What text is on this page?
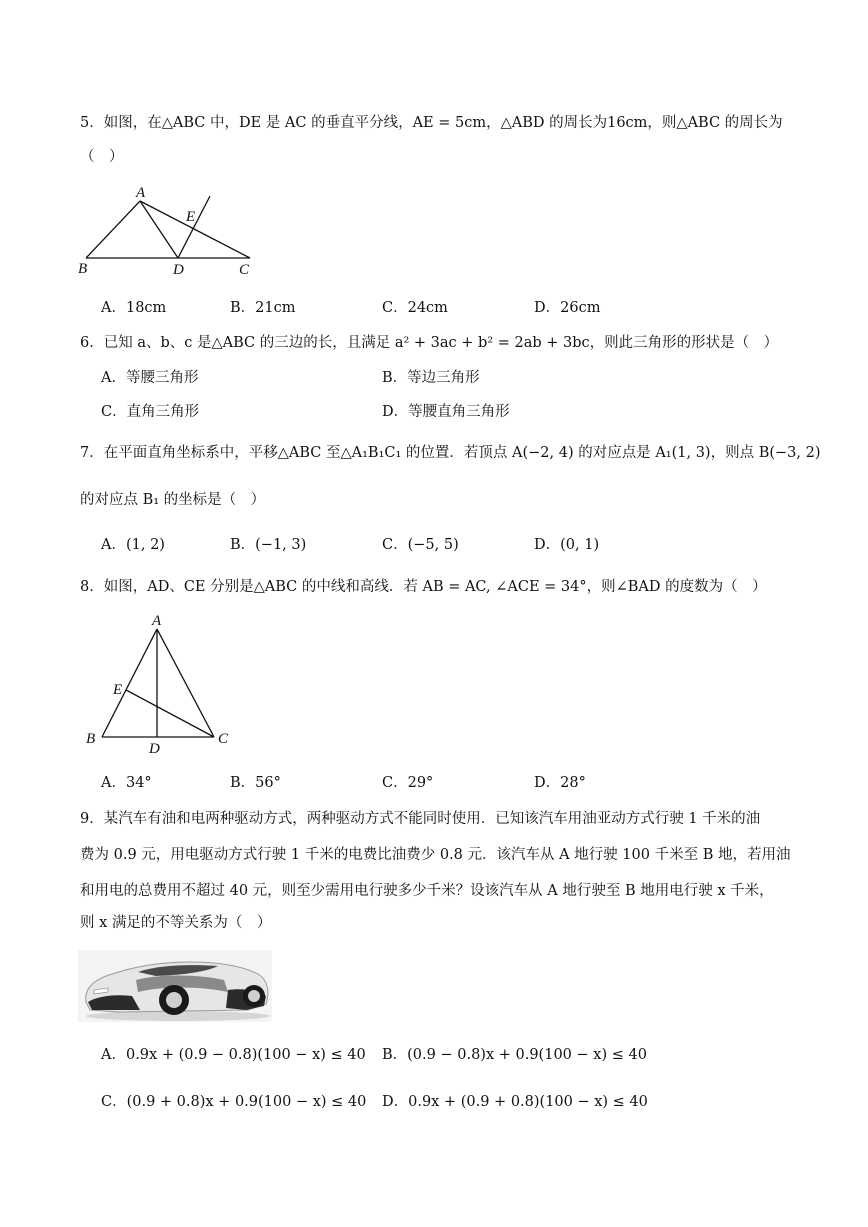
5．如图，在△ABC 中，DE 是 AC 的垂直平分线，AE = 5cm，△ABD 的周长为16cm，则△ABC 的周长为
（　）
A
E
B	D	C
A．18cm	B．21cm	C．24cm	D．26cm
6．已知 a、b、c 是△ABC 的三边的长，且满足 a² + 3ac + b² = 2ab + 3bc，则此三角形的形状是（　）
A．等腰三角形	B．等边三角形
C．直角三角形	D．等腰直角三角形
7．在平面直角坐标系中，平移△ABC 至△A₁B₁C₁ 的位置．若顶点 A(−2, 4) 的对应点是 A₁(1, 3)，则点 B(−3, 2)
的对应点 B₁ 的坐标是（　）
A．(1, 2)	B．(−1, 3)	C．(−5, 5)	D．(0, 1)
8．如图，AD、CE 分别是△ABC 的中线和高线．若 AB = AC, ∠ACE = 34°，则∠BAD 的度数为（　）
A
E
B
D
C
A．34°	B．56°	C．29°	D．28°
9．某汽车有油和电两种驱动方式，两种驱动方式不能同时使用．已知该汽车用油亚动方式行驶 1 千米的油
费为 0.9 元，用电驱动方式行驶 1 千米的电费比油费少 0.8 元．该汽车从 A 地行驶 100 千米至 B 地，若用油
和用电的总费用不超过 40 元，则至少需用电行驶多少千米？设该汽车从 A 地行驶至 B 地用电行驶 x 千米，
则 x 满足的不等关系为（　）
A．0.9x + (0.9 − 0.8)(100 − x) ≤ 40 B．(0.9 − 0.8)x + 0.9(100 − x) ≤ 40
C．(0.9 + 0.8)x + 0.9(100 − x) ≤ 40 D．0.9x + (0.9 + 0.8)(100 − x) ≤ 40
